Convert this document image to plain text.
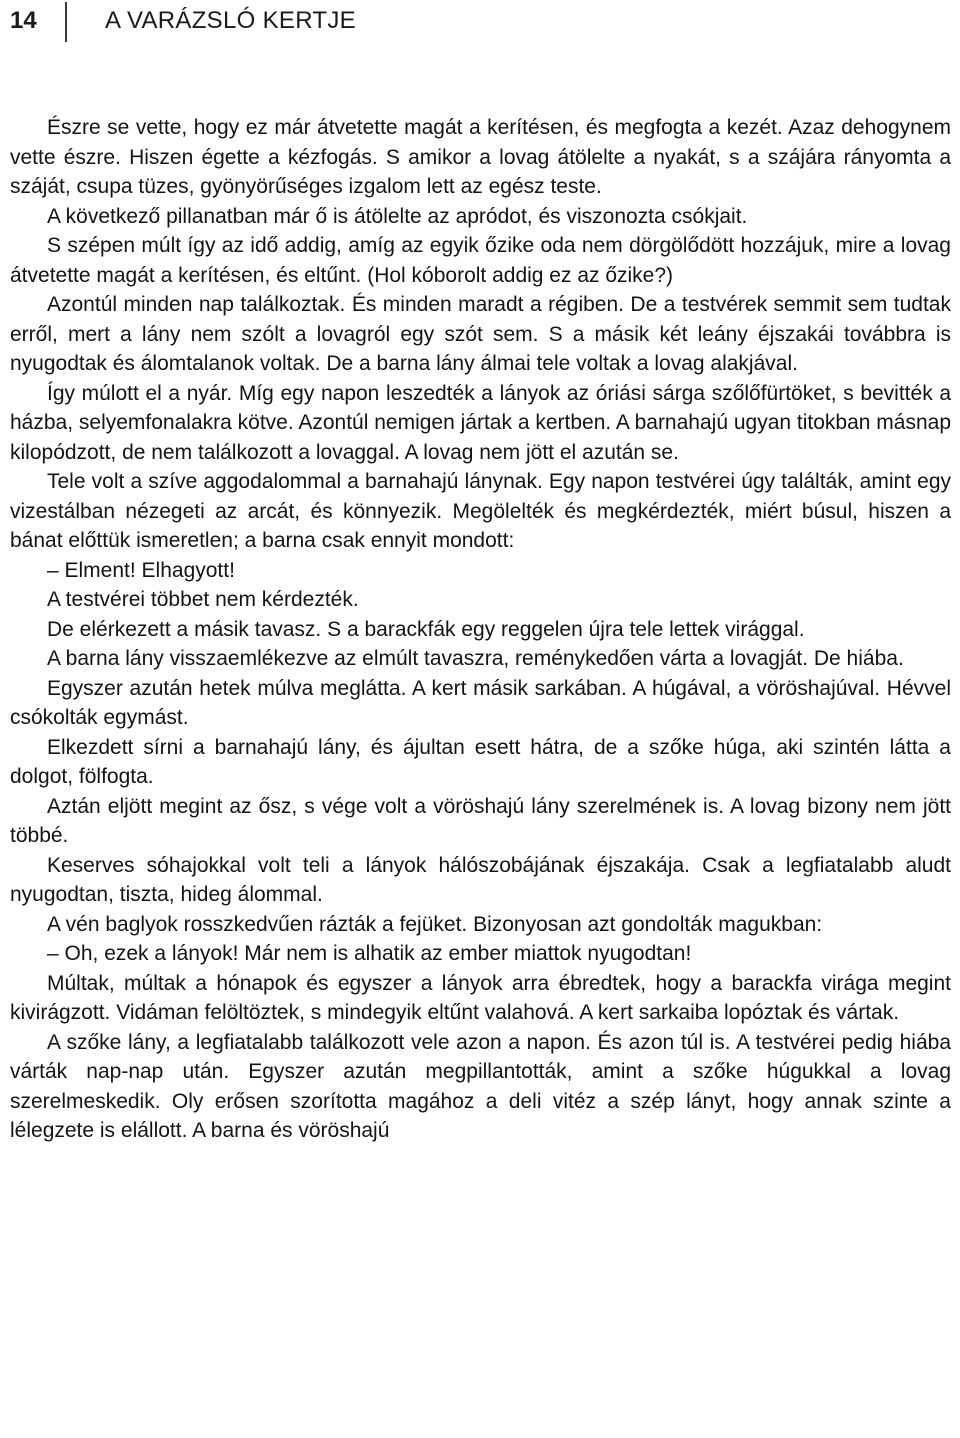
14	A VARÁZSLÓ KERTJE

Észre se vette, hogy ez már átvetette magát a kerítésen, és megfogta a kezét. Azaz dehogynem vette észre. Hiszen égette a kézfogás. S amikor a lovag átölelte a nyakát, s a szájára rányomta a száját, csupa tüzes, gyönyörűséges izgalom lett az egész teste.

A következő pillanatban már ő is átölelte az apródot, és viszonozta csókjait.

S szépen múlt így az idő addig, amíg az egyik őzike oda nem dörgölődött hozzájuk, mire a lovag átvetette magát a kerítésen, és eltűnt. (Hol kóborolt addig ez az őzike?)

Azontúl minden nap találkoztak. És minden maradt a régiben. De a testvérek semmit sem tudtak erről, mert a lány nem szólt a lovagról egy szót sem. S a másik két leány éjszakái továbbra is nyugodtak és álomtalanok voltak. De a barna lány álmai tele voltak a lovag alakjával.

Így múlott el a nyár. Míg egy napon leszedték a lányok az óriási sárga szőlőfürtöket, s bevitték a házba, selyemfonalakra kötve. Azontúl nemigen jártak a kertben. A barnahajú ugyan titokban másnap kilopódzott, de nem találkozott a lovaggal. A lovag nem jött el azután se.

Tele volt a szíve aggodalommal a barnahajú lánynak. Egy napon testvérei úgy találták, amint egy vizestálban nézegeti az arcát, és könnyezik. Megölelték és megkérdezték, miért búsul, hiszen a bánat előttük ismeretlen; a barna csak ennyit mondott:

– Elment! Elhagyott!

A testvérei többet nem kérdezték.

De elérkezett a másik tavasz. S a barackfák egy reggelen újra tele lettek virággal.

A barna lány visszaemlékezve az elmúlt tavaszra, reménykedően várta a lovagját. De hiába.

Egyszer azután hetek múlva meglátta. A kert másik sarkában. A húgával, a vöröshajúval. Hévvel csókolták egymást.

Elkezdett sírni a barnahajú lány, és ájultan esett hátra, de a szőke húga, aki szintén látta a dolgot, fölfogta.

Aztán eljött megint az ősz, s vége volt a vöröshajú lány szerelmének is. A lovag bizony nem jött többé.

Keserves sóhajokkal volt teli a lányok hálószobájának éjszakája. Csak a legfiatalabb aludt nyugodtan, tiszta, hideg álommal.

A vén baglyok rosszkedvűen rázták a fejüket. Bizonyosan azt gondolták magukban:

– Oh, ezek a lányok! Már nem is alhatik az ember miattok nyugodtan!

Múltak, múltak a hónapok és egyszer a lányok arra ébredtek, hogy a barackfa virága megint kivirágzott. Vidáman felöltöztek, s mindegyik eltűnt valahová. A kert sarkaiba lopóztak és vártak.

A szőke lány, a legfiatalabb találkozott vele azon a napon. És azon túl is. A testvérei pedig hiába várták nap-nap után. Egyszer azután megpillantották, amint a szőke húgukkal a lovag szerelmeskedik. Oly erősen szorította magához a deli vitéz a szép lányt, hogy annak szinte a lélegzete is elállott. A barna és vöröshajú
